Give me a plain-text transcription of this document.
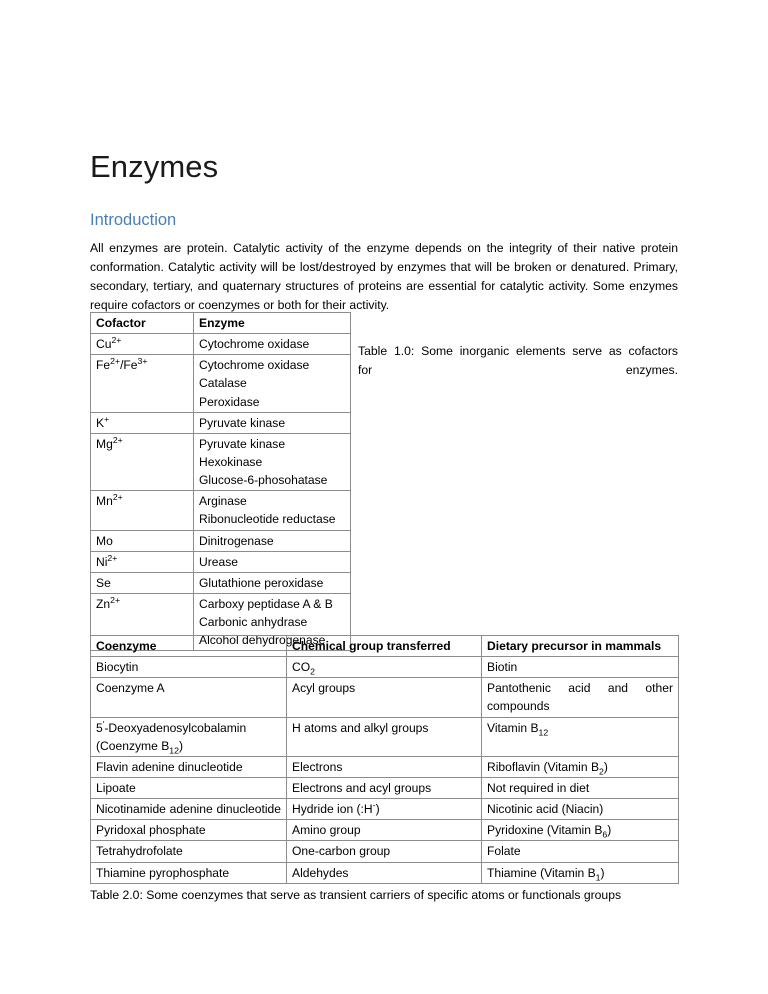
Enzymes
Introduction

All enzymes are protein. Catalytic activity of the enzyme depends on the integrity of their native protein conformation. Catalytic activity will be lost/destroyed by enzymes that will be broken or denatured. Primary, secondary, tertiary, and quaternary structures of proteins are essential for catalytic activity. Some enzymes require cofactors or coenzymes or both for their activity.

Cofactor	Enzyme
$Cu^{2+}$	Cytochrome oxidase

$Fe^{2+}/Fe^{3+}$	Cytochrome oxidase
Catalase
Peroxidase

K+	Pyruvate kinase

$Mg^{2+}$	Pyruvate kinase
Hexokinase
Glucose-6-phosohatase

$Mn^{2+}$	Arginase
Ribonucleotide reductase

Mo	Dinitrogenase

$Ni^{2+}$	Urease

Se	Glutathione peroxidase

$Zn^{2+}$	Carboxy peptidase A & B
Carbonic anhydrase
Alcohol dehydrogenase
Table 1.0: Some inorganic elements serve as cofactors
for	enzymes.
Coenzyme	Chemical group transferred	Dietary precursor in mammals
Biocytin	$CO_2$	Biotin
Coenzyme A	Acyl groups	Pantothenic acid and other compounds
5′-Deoxyadenosylcobalamin (Coenzyme $B_{12}$)	H atoms and alkyl groups	Vitamin $B_{12}$
Flavin adenine dinucleotide	Electrons	Riboflavin (Vitamin $B_2$)
Lipoate	Electrons and acyl groups	Not required in diet
Nicotinamide adenine dinucleotide	Hydride ion (:H-)	Nicotinic acid (Niacin)
Pyridoxal phosphate	Amino group	Pyridoxine (Vitamin $B_6$)
Tetrahydrofolate	One-carbon group	Folate
Thiamine pyrophosphate	Aldehydes	Thiamine (Vitamin $B_1$)
Table 2.0: Some coenzymes that serve as transient carriers of specific atoms or functionals groups
